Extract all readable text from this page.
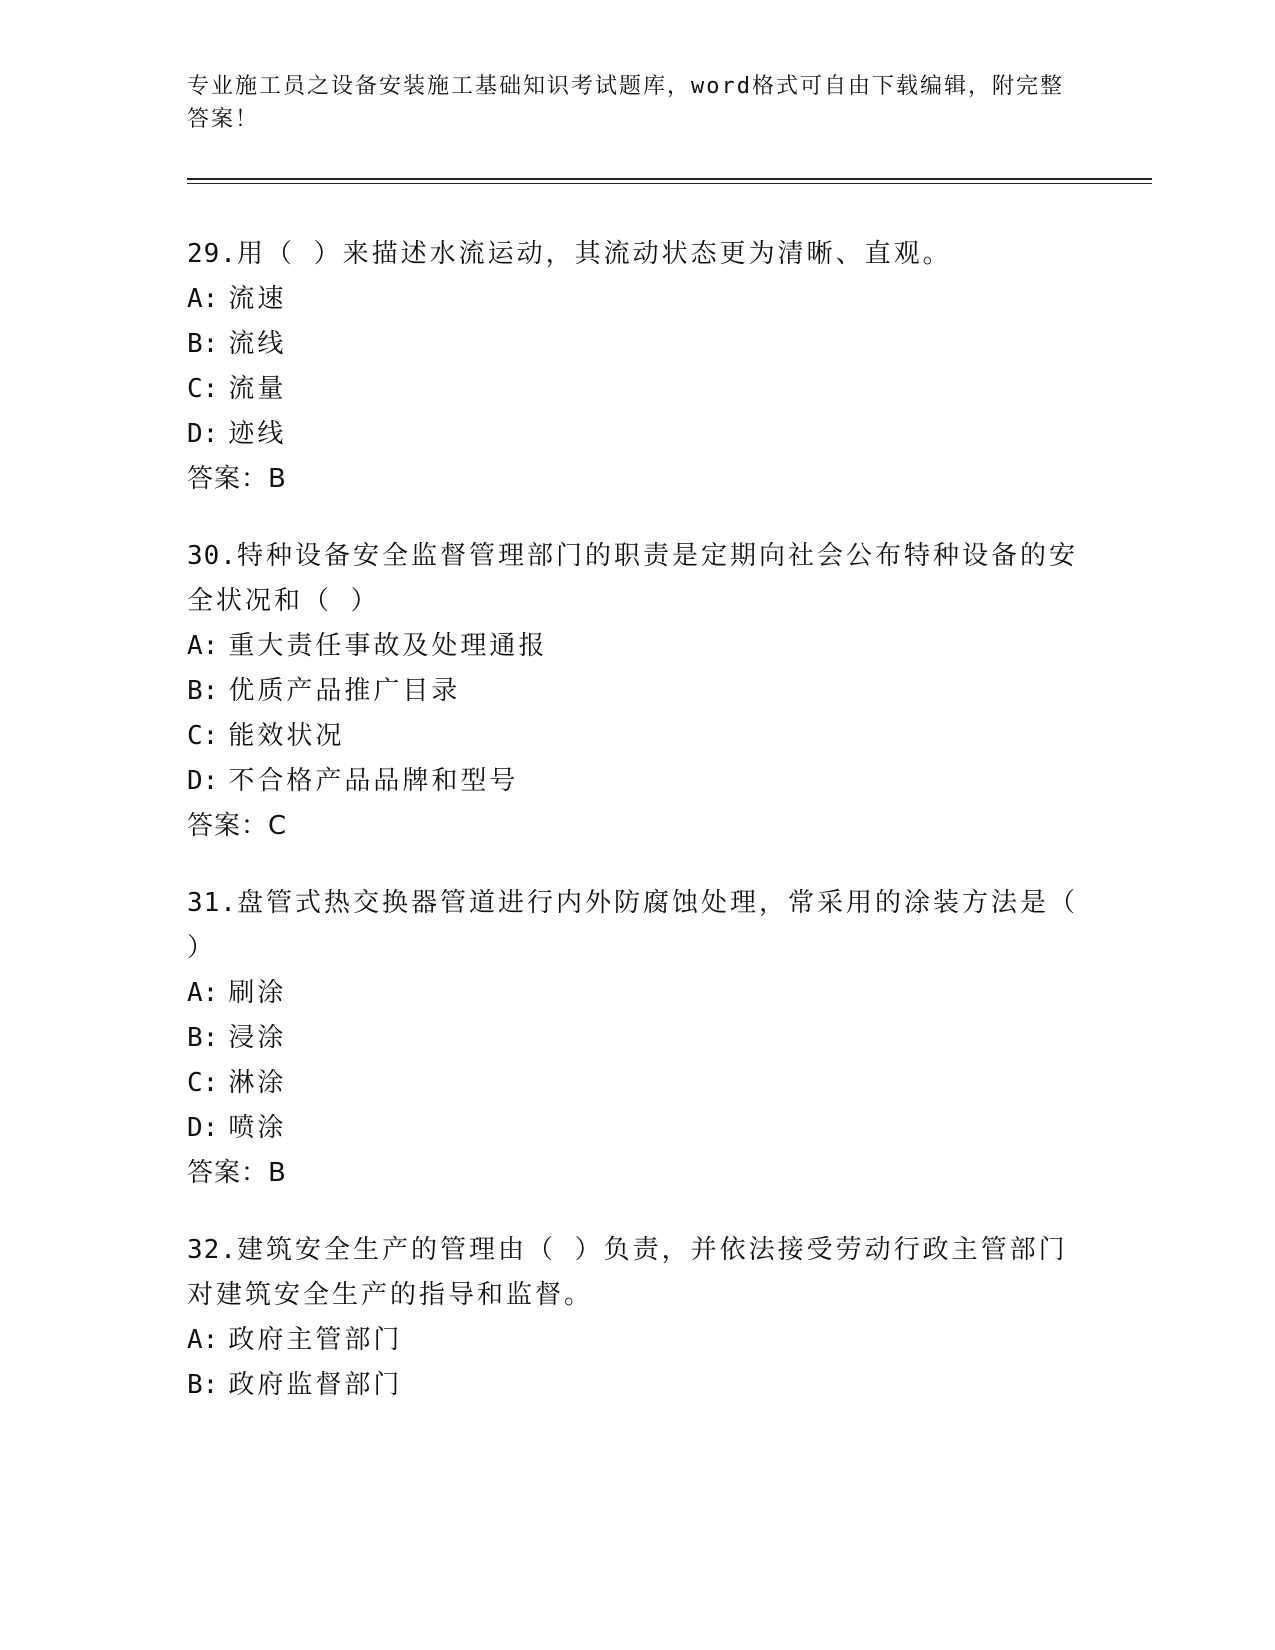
专业施工员之设备安装施工基础知识考试题库，word格式可自由下载编辑，附完整答案！

29.用（ ）来描述水流运动，其流动状态更为清晰、直观。

A: 流速

B: 流线

C: 流量

D: 迹线

答案：B

30.特种设备安全监督管理部门的职责是定期向社会公布特种设备的安全状况和（ ）

A: 重大责任事故及处理通报

B: 优质产品推广目录

C: 能效状况

D: 不合格产品品牌和型号

答案：C

31.盘管式热交换器管道进行内外防腐蚀处理，常采用的涂装方法是（ ）

A: 刷涂

B: 浸涂

C: 淋涂

D: 喷涂

答案：B

32.建筑安全生产的管理由（ ）负责，并依法接受劳动行政主管部门对建筑安全生产的指导和监督。

A: 政府主管部门

B: 政府监督部门
